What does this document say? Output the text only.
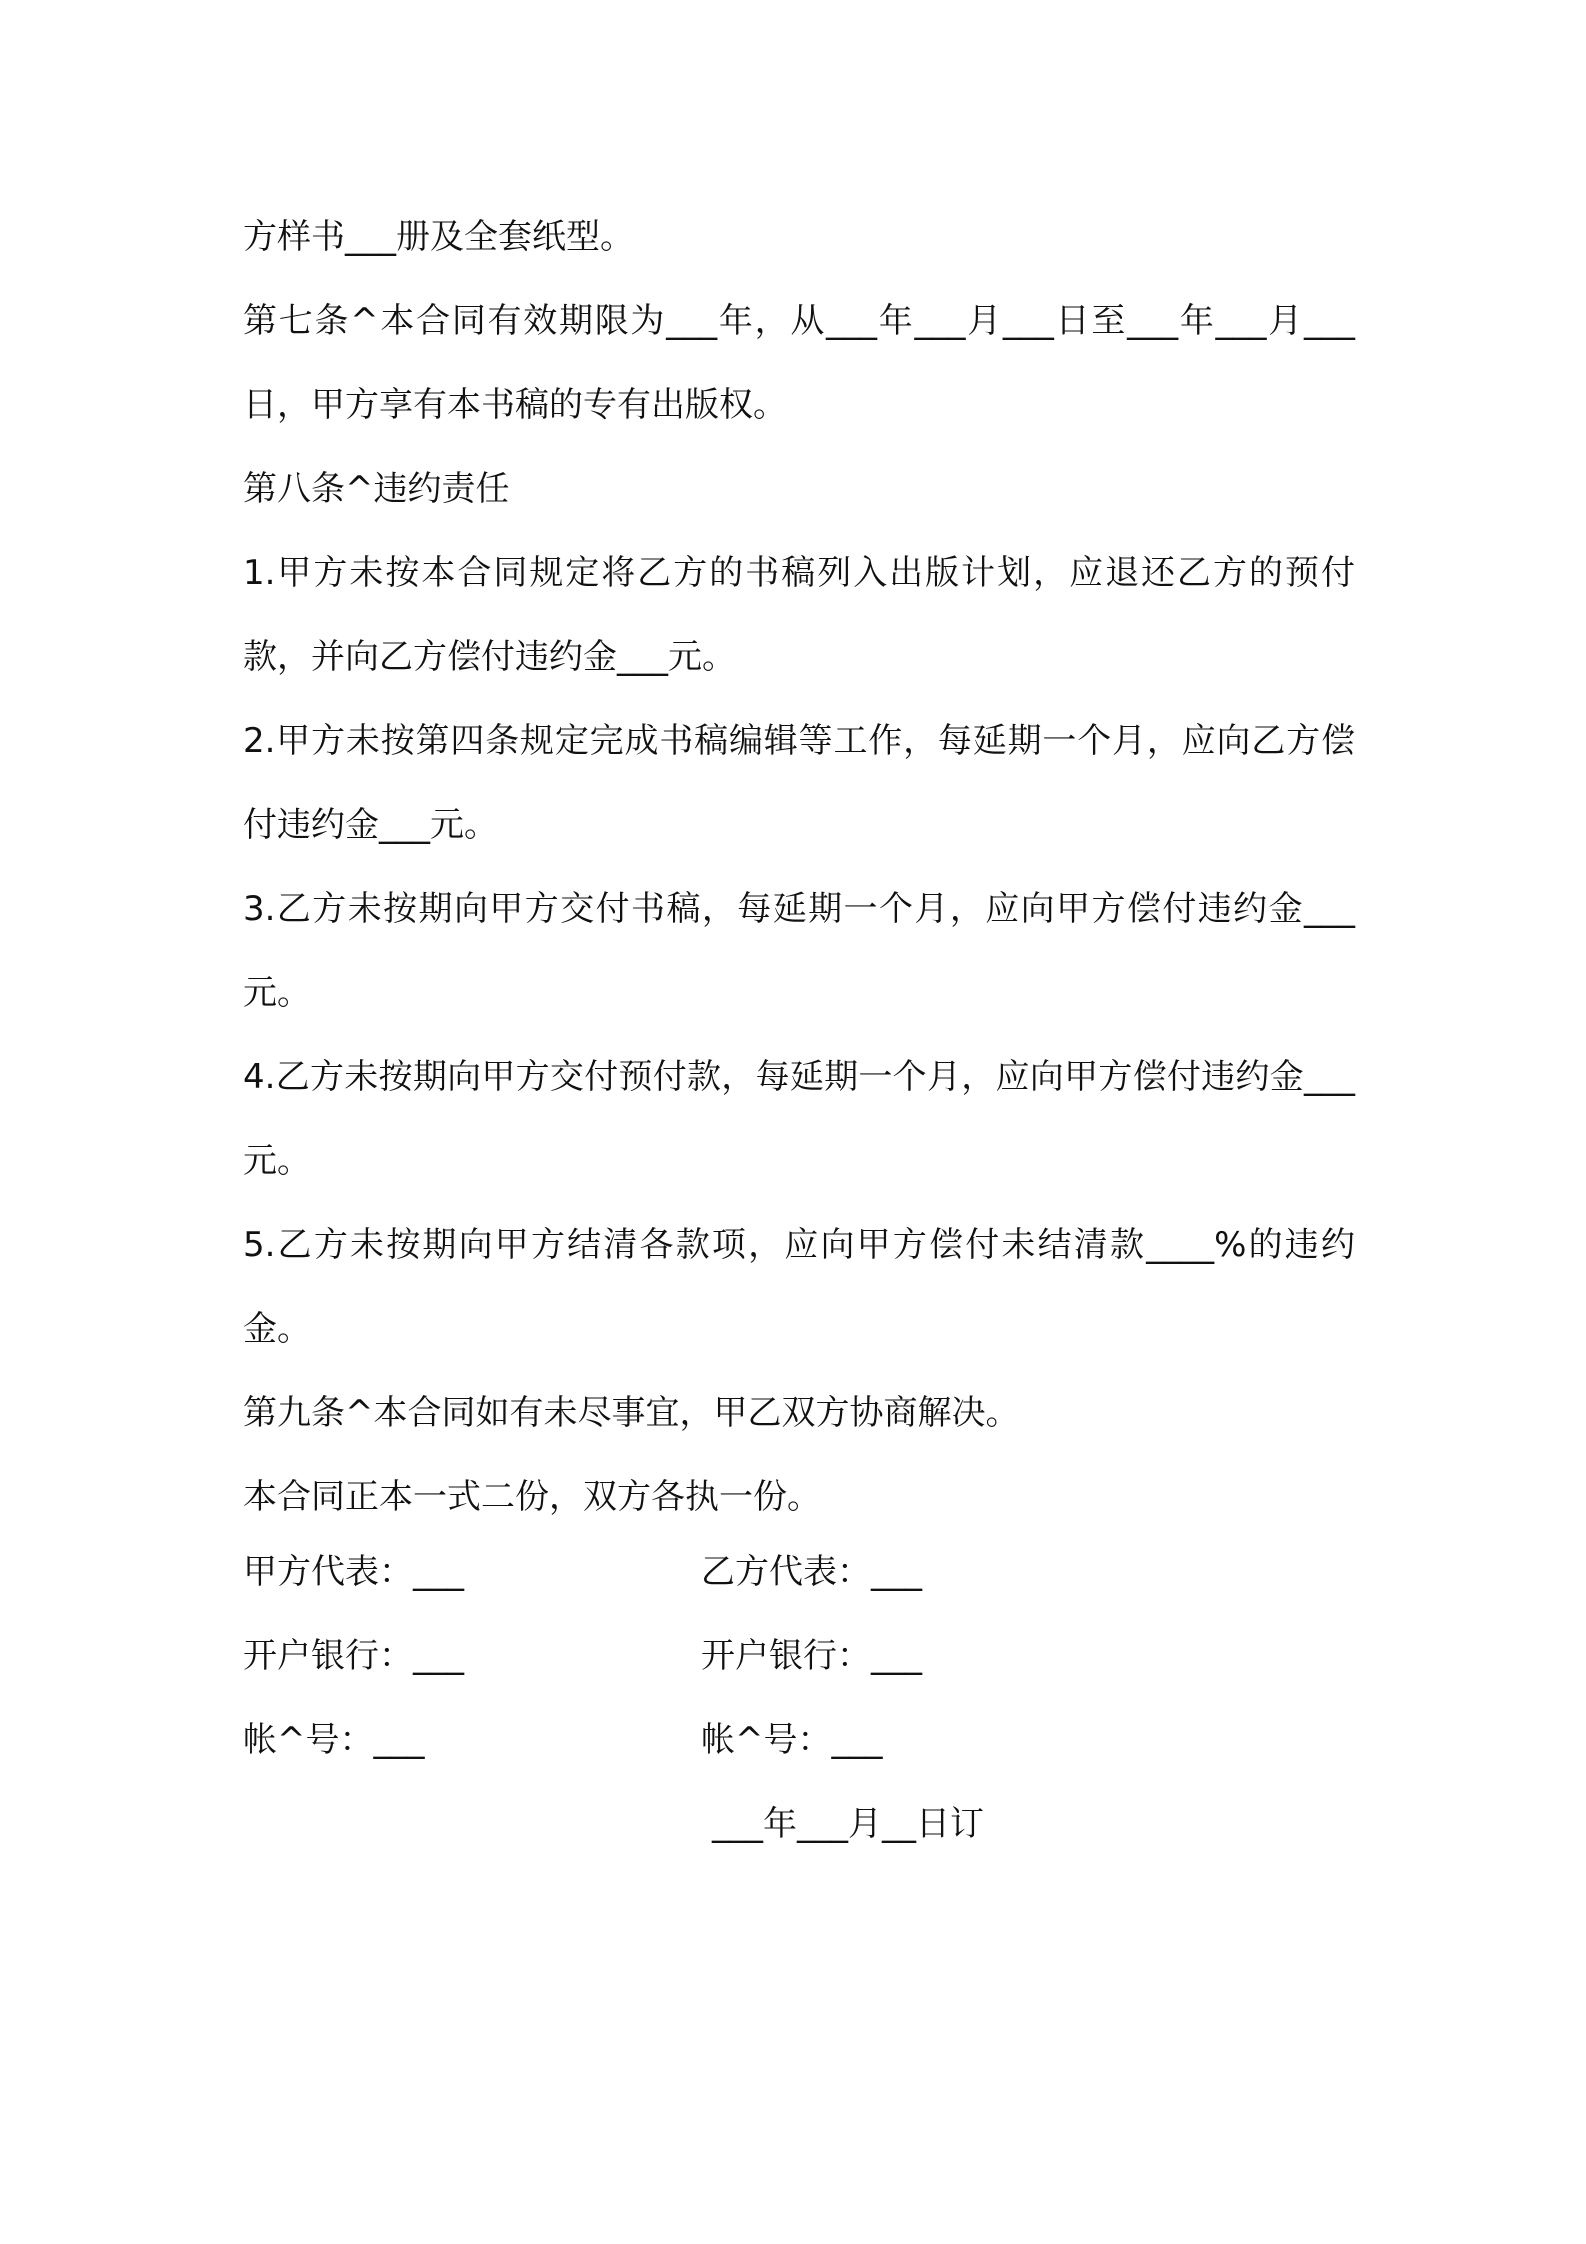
方样书___册及全套纸型。

第七条^本合同有效期限为___年，从___年___月___日至___年___月___日，甲方享有本书稿的专有出版权。

第八条^违约责任

1.甲方未按本合同规定将乙方的书稿列入出版计划，应退还乙方的预付款，并向乙方偿付违约金___元。

2.甲方未按第四条规定完成书稿编辑等工作，每延期一个月，应向乙方偿付违约金___元。

3.乙方未按期向甲方交付书稿，每延期一个月，应向甲方偿付违约金___元。

4.乙方未按期向甲方交付预付款，每延期一个月，应向甲方偿付违约金___元。

5.乙方未按期向甲方结清各款项，应向甲方偿付未结清款____%的违约金。

第九条^本合同如有未尽事宜，甲乙双方协商解决。

本合同正本一式二份，双方各执一份。

甲方代表：___	乙方代表：___
开户银行：___	开户银行：___
帐^号：___	帐^号：___
___年___月__日订
